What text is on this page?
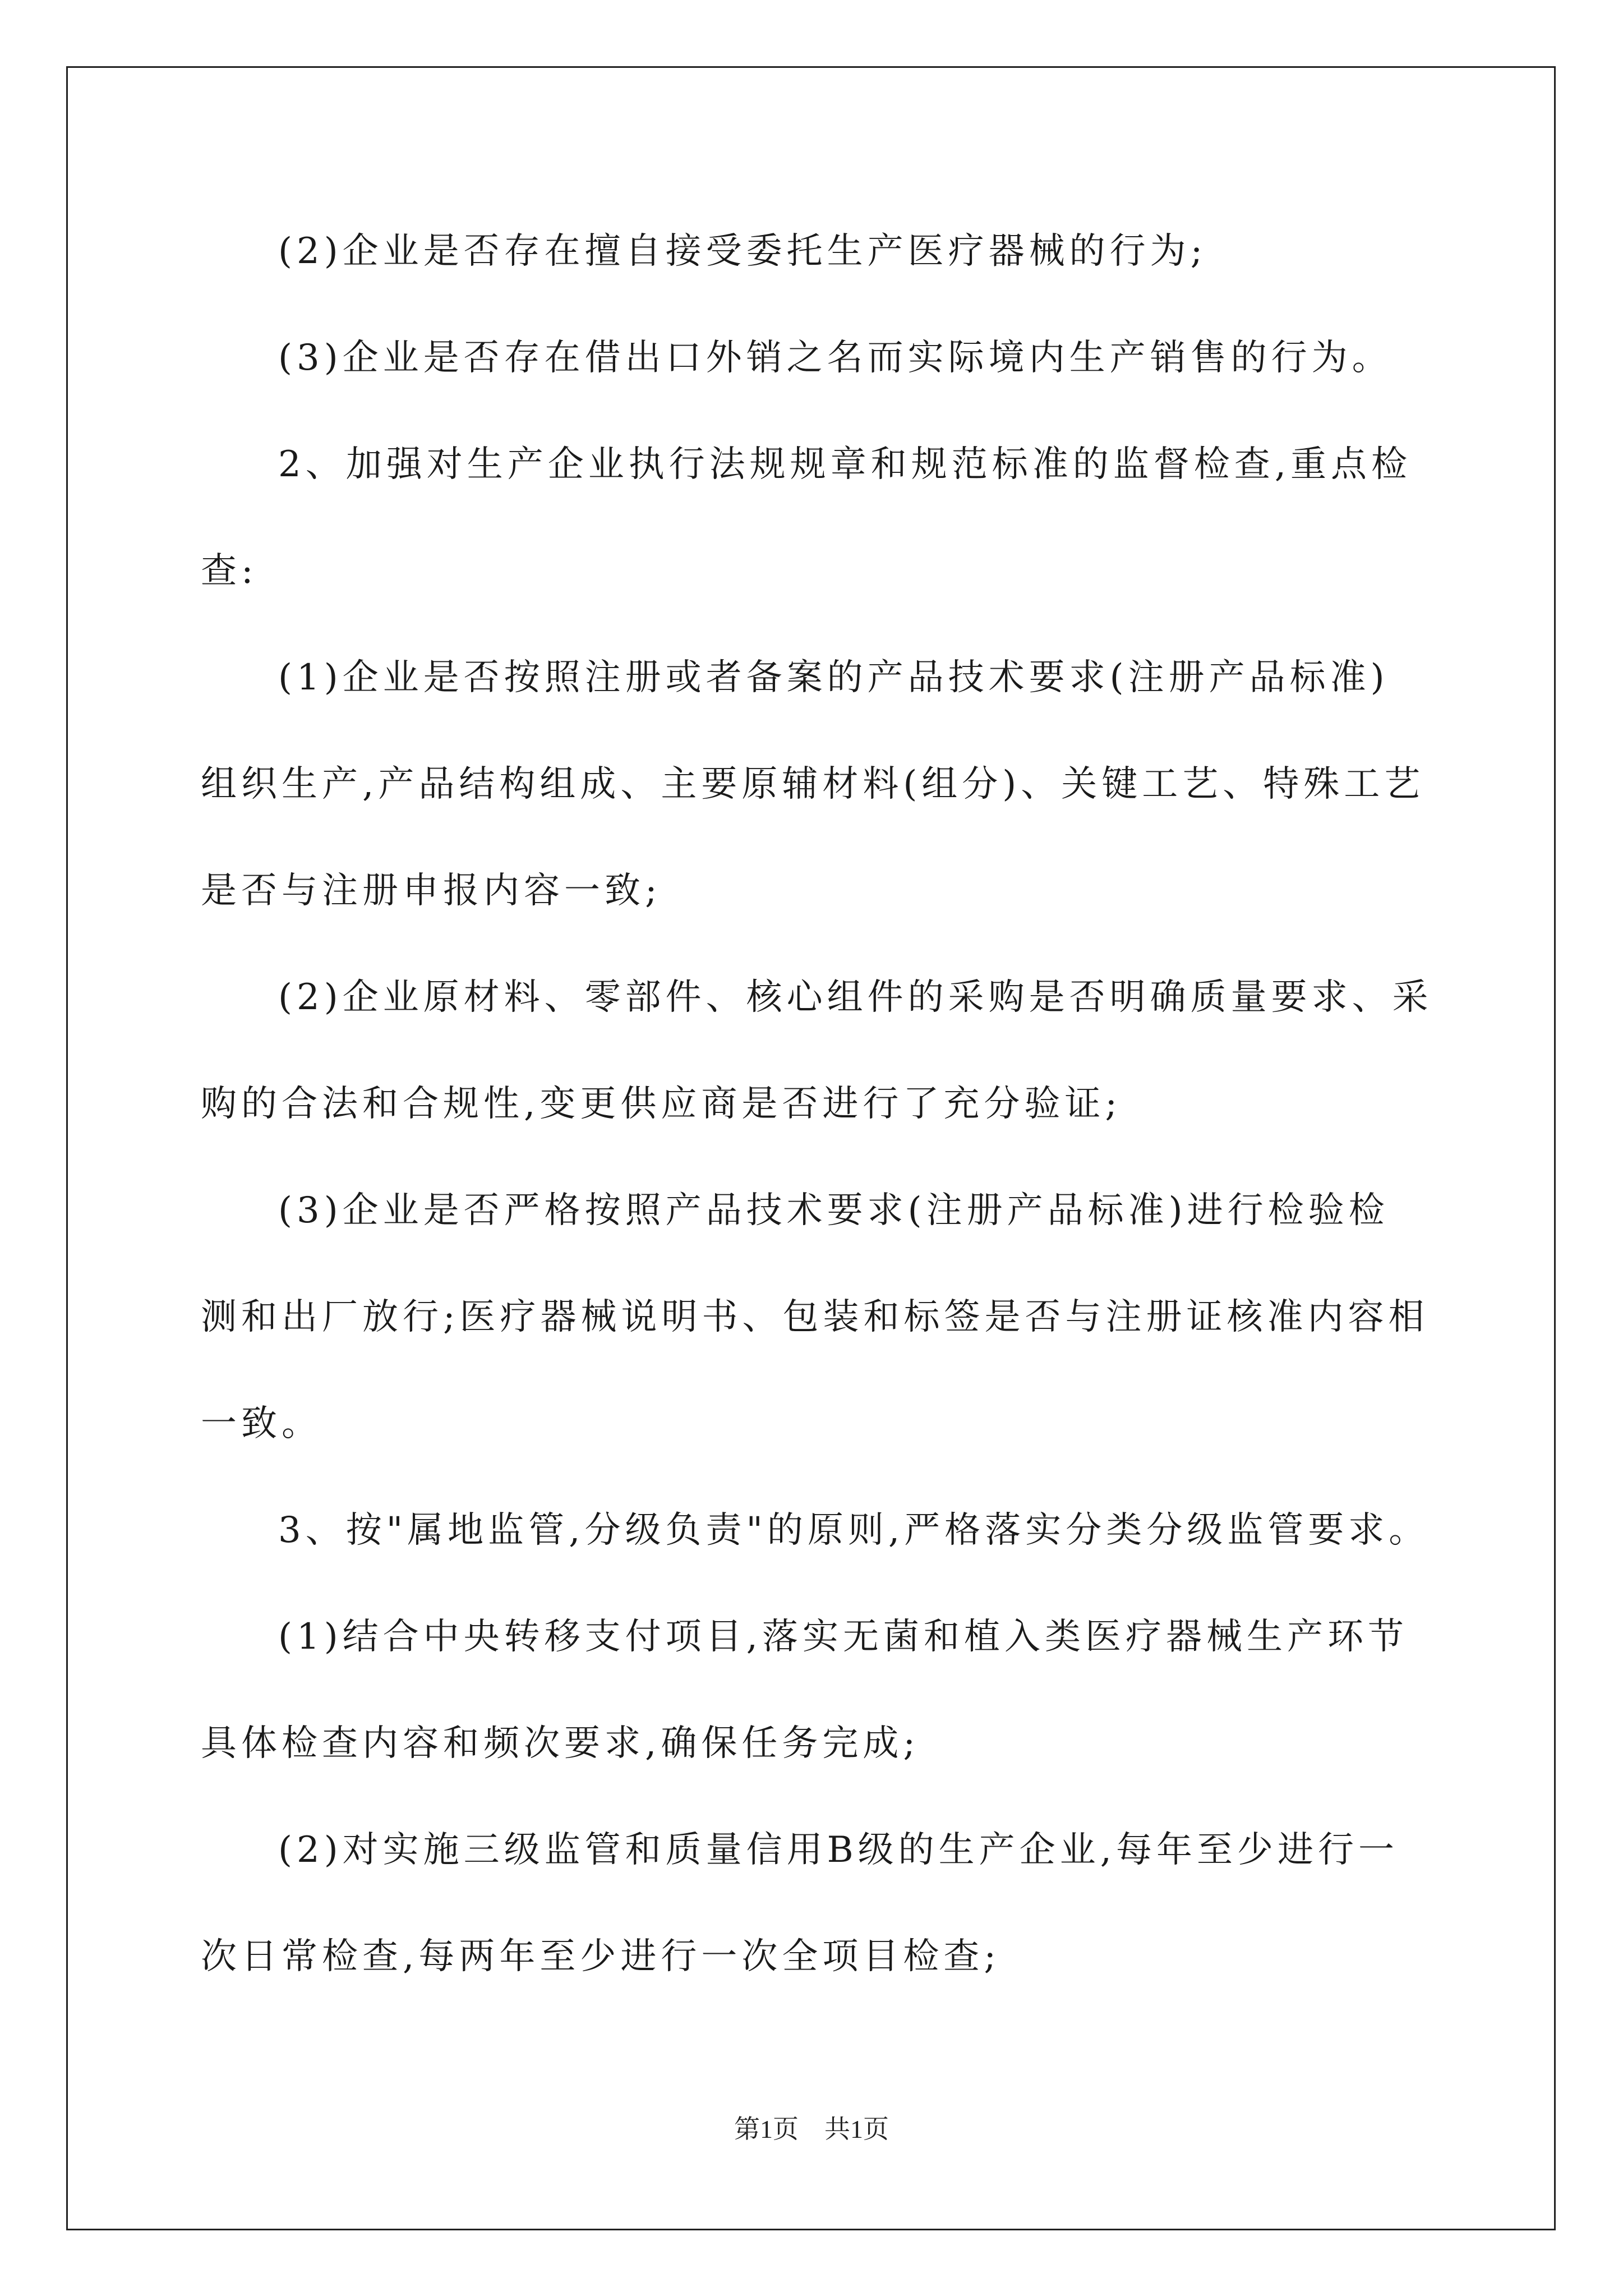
(2)企业是否存在擅自接受委托生产医疗器械的行为;
(3)企业是否存在借出口外销之名而实际境内生产销售的行为。
2、加强对生产企业执行法规规章和规范标准的监督检查,重点检
查:
(1)企业是否按照注册或者备案的产品技术要求(注册产品标准)
组织生产,产品结构组成、主要原辅材料(组分)、关键工艺、特殊工艺
是否与注册申报内容一致;
(2)企业原材料、零部件、核心组件的采购是否明确质量要求、采
购的合法和合规性,变更供应商是否进行了充分验证;
(3)企业是否严格按照产品技术要求(注册产品标准)进行检验检
测和出厂放行;医疗器械说明书、包装和标签是否与注册证核准内容相
一致。
3、按"属地监管,分级负责"的原则,严格落实分类分级监管要求。
(1)结合中央转移支付项目,落实无菌和植入类医疗器械生产环节
具体检查内容和频次要求,确保任务完成;
(2)对实施三级监管和质量信用B级的生产企业,每年至少进行一
次日常检查,每两年至少进行一次全项目检查;
第1页　共1页
